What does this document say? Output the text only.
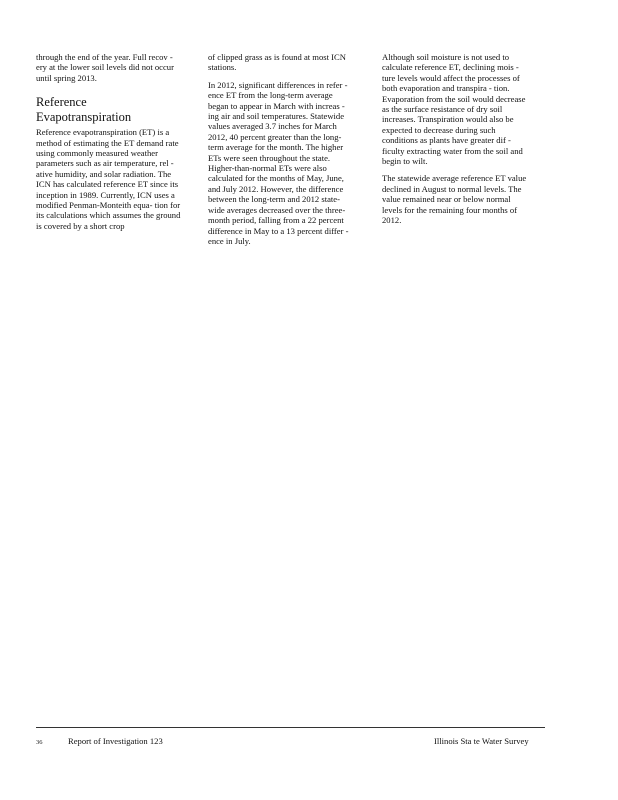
through the end of the year. Full recov - ery at the lower soil levels did not occur until spring 2013.

Reference Evapotranspiration

Reference evapotranspiration (ET) is a method of estimating the ET demand rate using commonly measured weather parameters such as air temperature, rel - ative humidity, and solar radiation. The ICN has calculated reference ET since its inception in 1989. Currently, ICN uses a modified Penman-Monteith equa- tion for its calculations which assumes the ground is covered by a short crop

of clipped grass as is found at most ICN stations.

In 2012, significant differences in refer - ence ET from the long-term average began to appear in March with increas - ing air and soil temperatures. Statewide values averaged 3.7 inches for March 2012, 40 percent greater than the long- term average for the month. The higher ETs were seen throughout the state. Higher-than-normal ETs were also calculated for the months of May, June, and July 2012. However, the difference between the long-term and 2012 state- wide averages decreased over the three- month period, falling from a 22 percent difference in May to a 13 percent differ - ence in July.

Although soil moisture is not used to calculate reference ET, declining mois - ture levels would affect the processes of both evaporation and transpira - tion. Evaporation from the soil would decrease as the surface resistance of dry soil increases. Transpiration would also be expected to decrease during such conditions as plants have greater dif - ficulty extracting water from the soil and begin to wilt.

The statewide average reference ET value declined in August to normal levels. The value remained near or below normal levels for the remaining four months of 2012.

36	Report of Investigation 123	Illinois Sta te Water Survey
